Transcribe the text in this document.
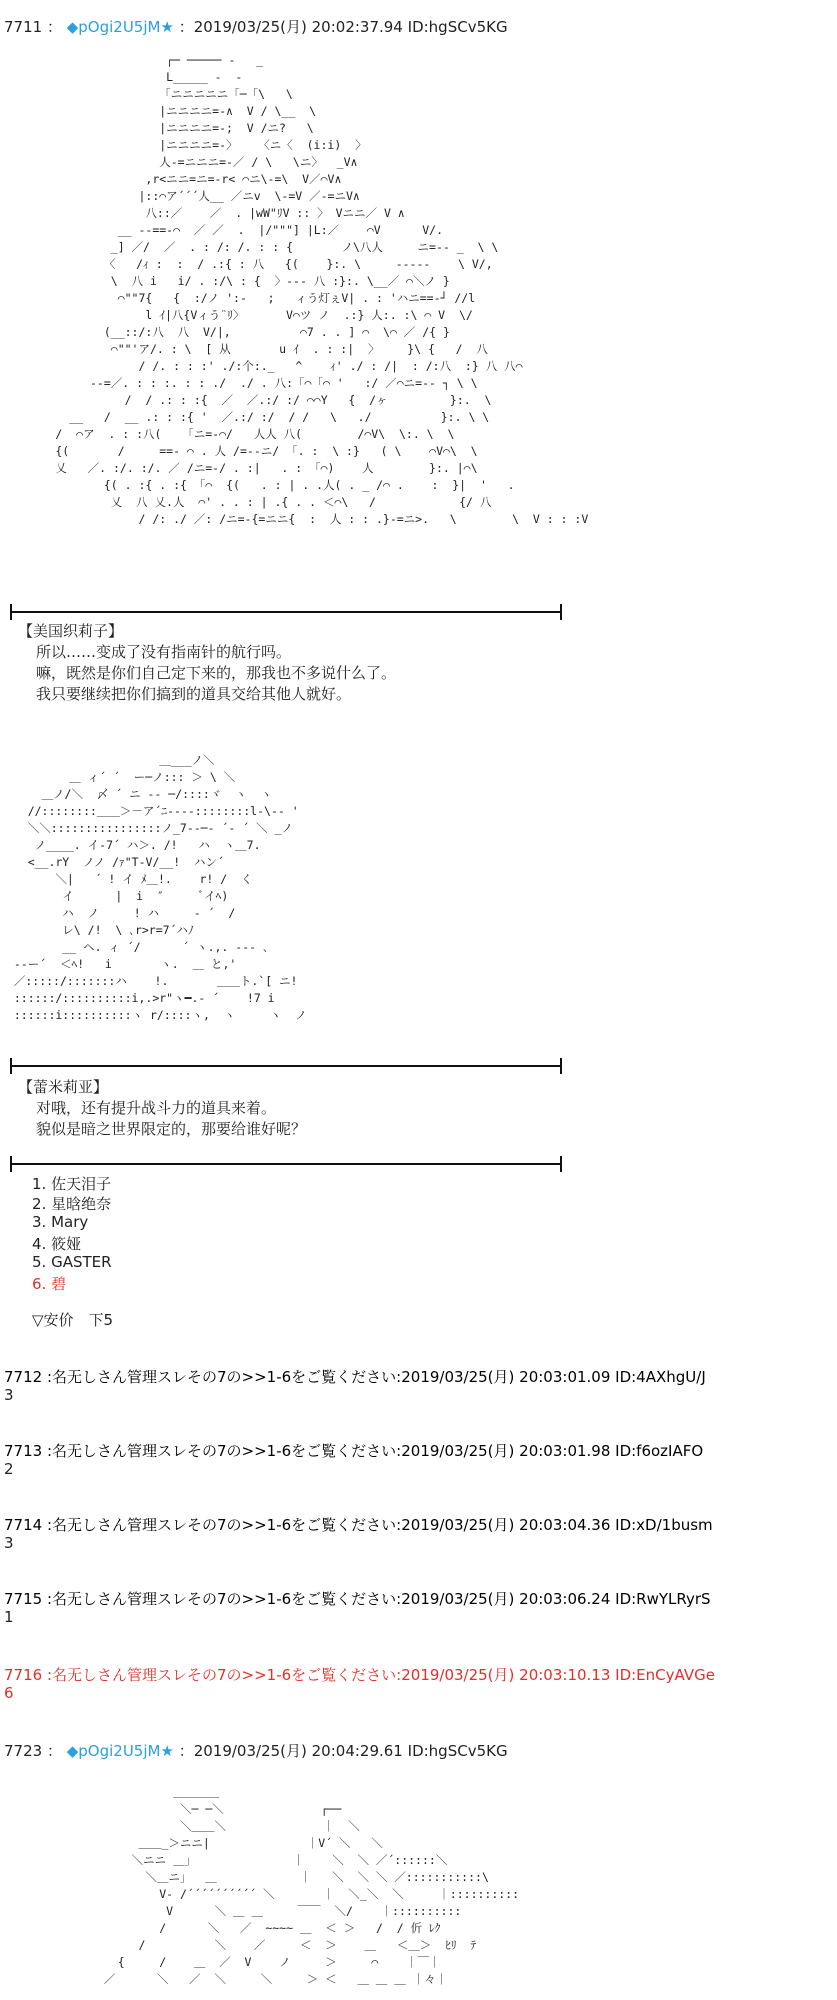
7711 ： ◆pOgi2U5jM★ ：2019/03/25(月) 20:02:37.94 ID:hgSCv5KG
┌─ ───── -   _
L_____ ‐  ‐
「ニニニニニ「─「\   \
|ニニニニ=-∧  V / \__  \
|ニニニニ=-;  V /ニ?   \
|ニニニニ=-〉   〈ニ〈  (i:i)  〉
人-=ニニニ=-／ / \   \ニ〉  _V∧
,r<ニニ=ニ=-r< ⌒ニ\-=\  V／⌒V∧
|::⌒ア´´´人__ ／ニv  \-=V ／-=ニV∧
八::／    ／  . |wW"ﾘV :: 〉 Vニニ／ V ∧
__ --==‐⌒  ／ ／  .  |/"""] |L:／    ⌒V      V/.
_] ／/  ／  . : /: /. : : {       ノ\八人     ニ=-- _  \ \
〈   /ｨ :  :  / .:{ : 八   {(    }:. \     -‐‐‐‐    \ V/,
\  八 i   i/ . :/\ : {  〉‐‐- 八 :}:. \__／ ⌒＼ノ }
⌒""7{   {  :/ノ ':-   ;   ィう灯ぇV| . : 'ハニ==‐┘ //l
l ｲ|八{Vィう¨ﾘ〉      V⌒ツ ノ  .:} 人:. :\ ⌒ V  \/
(__::/:八  八  V/|,          ⌒7 . . ] ⌒  \⌒ ／ /{ }
⌒""'ア/. : \  [ 从       u ｲ  . : :|  〉    }\ {   /  八
/ /. : : :' ./:个:._   ^    ｨ' ./ : /|  : /:八  :} 八 八⌒
--=／. : : :. : : ./  ./ . 八:「⌒「⌒ '   :/ ／⌒ニ=‐- ┐ \ \
/  / .: : :{  ／  ／.:/ :/ ⌒⌒Y   {  /ヶ         }:.  \
__   /  __ .: : :{ '  ／.:/ :/  / /   \   ./          }:. \ \
/  ⌒ア  . : :八(   「ニ=-⌒/   人人 八(        /⌒V\  \:. \  \
{(       /     ==‐ ⌒ . 人 /=-‐ニ/ 「. :  \ :}   ( \    ⌒V⌒\  \
乂   ／. :/. :/. ／ /ニ=‐/ . :|   . : 「⌒)    人        }:. |⌒\
{( . :{ . :{ 「⌒  {(   . : | . .人( . _ /⌒ .    :  }|  '   .
乂  八 乂.人  ⌒' . . : | .{ . . ＜⌒\   /            {/ 八
/ /: ./ ／: /ニ=‐{=ニニ{  :  人 : : .}-=ニ>.   \        \  V : : :V
【美国织莉子】
所以……变成了没有指南针的航行吗。
嘛，既然是你们自己定下来的，那我也不多说什么了。
我只要继续把你们搞到的道具交给其他人就好。
＿___ノ＼
＿ ィ´ ´  ー─ノ::: ＞ \ ＼
＿ノ/＼  〆 ´ ニ ‐- ─/::::ヾ  ヽ  ヽ
//::::::::＿＿＞－ア´ﾆ----::::::::l‐\-- '
＼＼::::::::::::::::ノ_7‐‐─‐ ´‐ ´ ＼ _ノ
ノ____. イ‐7´ ハ＞. /!   ハ  ヽ＿7.
<__.rY  ノノ /ｧ"T‐V/__!  ハン´
＼|   ´ ! イ ﾒ＿!.    r! /  く
イ      |  i  ″     ﾞイﾍ)
ハ  ノ     ! ハ     ‐ ´  /
レ\ /!  \ ､r>r=7´ハﾉ
__ ヘ. ィ ´/      ´ ヽ.,. --- ､
--ー´  ＜ﾍ!   i       ヽ.  ＿ と,'
／:::::/:::::::ハ    !.       ＿＿ト.`[ ニ!
::::::/::::::::::i,.>r"ヽ━.‐ ´    !7 i
::::::i::::::::::ヽ r/::::ヽ,  ヽ     ヽ  ノ
【蕾米莉亚】
对哦，还有提升战斗力的道具来着。
貌似是暗之世界限定的，那要给谁好呢？
1. 佐天泪子
2. 星晗绝奈
3. Mary
4. 筱娅
5. GASTER
6. 碧
▽安价　下5
7712 :名无しさん管理スレその7の>>1-6をご覧ください:2019/03/25(月) 20:03:01.09 ID:4AXhgU/J
3
7713 :名无しさん管理スレその7の>>1-6をご覧ください:2019/03/25(月) 20:03:01.98 ID:f6ozIAFO
2
7714 :名无しさん管理スレその7の>>1-6をご覧ください:2019/03/25(月) 20:03:04.36 ID:xD/1busm
3
7715 :名无しさん管理スレその7の>>1-6をご覧ください:2019/03/25(月) 20:03:06.24 ID:RwYLRyrS
1
7716 :名无しさん管理スレその7の>>1-6をご覧ください:2019/03/25(月) 20:03:10.13 ID:EnCyAVGe
6
7723 ： ◆pOgi2U5jM★ ：2019/03/25(月) 20:04:29.61 ID:hgSCv5KG
＿＿＿＿
＼─ ─＼              ┌──
＼＿＿＼              ｜  ＼
＿＿_＞ニニ|              ｜V´ ＼   ＼
＼ニニ ＿」              ｜    ＼  ＼ ／´::::::＼
＼＿ニ」  ＿            ｜   ＼  ＼ ＼ ／:::::::::::\
V- /´´´´´´´´´´ ＼       ｜  ＼_＼  ＼     ｜::::::::::
V      ＼ ＿ ＿     ￣￣  ＼/    ｜::::::::::
/      ＼   ／  ~~~~ ＿  ＜ ＞   /  / 伒 ﾚｸ
/          ＼    ／     ＜  ＞    ＿   ＜＿＞  ﾋﾘ  ﾃ
{     /    ＿  ／  V    ノ     ＞     ⌒    ｜￣｜
／      ＼   ／  ＼     ＼     ＞ ＜   ＿ ＿ ＿ ｜々｜
